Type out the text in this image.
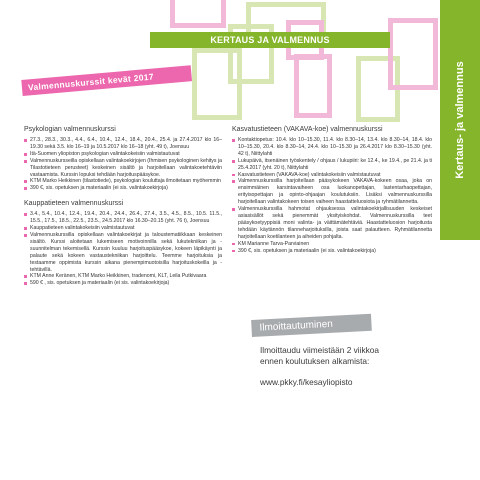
KERTAUS JA VALMENNUS
Valmennuskurssit kevät 2017	Kertaus- ja valmennus
Psykologian valmennuskurssi
27.3., 28.3., 30.3., 4.4., 6.4., 10.4., 12.4., 18.4., 20.4., 25.4. ja 27.4.2017 klo 16–19.30 sekä 3.5. klo 16–19 ja 10.5.2017 klo 16–18 (yht. 49 t), Joensuu
Itä-Suomen yliopiston psykologian valintakokeisiin valmistautuvat
Valmennuskursseilla opiskellaan valintakoekirjojen (Ihmisen psykologinen kehitys ja Tilastotieteen perusteet) keskeinen sisältö ja harjoitellaan valintakoetehtäviin vastaamista. Kurssin lopuksi tehdään harjoituspääsykoe.
KTM Marko Heikkinen (tilastotiede), psykologian kouluttaja ilmoitetaan myöhemmin
390 €, sis. opetuksen ja materiaalin (ei sis. valintakoekirjoja)
Kauppatieteen valmennuskurssi
3.4., 5.4., 10.4., 12.4., 19.4., 20.4., 24.4., 26.4., 27.4., 3.5., 4.5., 8.5., 10.5. 11.5., 15.5., 17.5., 18.5., 22.5., 23.5., 24.5.2017 klo 16.30–20.15 (yht. 76 t), Joensuu
Kauppatieteen valintakokeisiin valmistautuvat
Valmennuskurssilla opiskellaan valintakoekirjat ja taloustematiikkaan keskeinen sisältö. Kurssi aloitetaan lukemiseen motivoinnilla sekä lukutekniikan ja -suunnitelman tekemisellä. Kurssin kuuluu harjoituspääsykoe, kokeen läpikäynti ja palaute sekä kokeen vastaustekniikan harjoittelu. Teemme harjoituksia ja testaamme oppimista kurssin aikana pienempimuotoisilla harjoituskokeilla ja -tehtävillä.
KTM Anne Keränen, KTM Marko Heikkinen, tradenomi, KLT, Leila Putkivaara
590 € , sis. opetuksen ja materiaalin (ei sis. valintakoekirjoja)
Kasvatustieteen (VAKAVA-koe) valmennuskurssi
Kontaktiopetus: 10.4. klo 10–15.30, 11.4. klo 8.30–14, 13.4. klo 8.30–14, 18.4. klo 10–15.30, 20.4. klo 8.30–14, 24.4. klo 10–15.30 ja 26.4.2017 klo 8.30–15.30 (yht. 42 t), Niittylahti
Lukupäivä, itsenäinen työskentely / ohjaus / lukupiiri: ke 12.4., ke 19.4., pe 21.4. ja ti 25.4.2017 (yht. 20 t), Niittylahti
Kasvatustieteen (VAKAVA-koe) valintakokeisiin valmistautuvat
Valmennuskurssilla harjoitellaan pääsykokeen VAKAVA-kokeen osaa, joka on ensimmäinen karsintavaiheen osa luokanopettajan, lastentarhaopettajan, erityisopettajan ja opinto-ohjaajan koulutuksiin. Lisäksi valmennuskurssilla harjoitellaan valintakokeen toisen vaiheen haastatteluosiota ja ryhmätilannetta.
Valmennuskurssilla hahmotat ohjauksessa valintakoekirjallisuuden keskeiset asiasisällöt sekä pienemmät yksityiskohdat. Valmennuskurssilla teet pääsykoetyyppisiä moni valinta- ja väittämätehtäviä. Haastatteluosion harjoitusta tehdään käytännön tilanneharjoituksilla, joista saat palautteen. Ryhmätilannetta harjoitellaan koetilanteen ja aiheiden pohjalta.
KM Marianne Tarva-Parviainen
390 €, sis. opetuksen ja materiaalin (ei sis. valintakoekirjoja)
Ilmoittautuminen
Ilmoittaudu viimeistään 2 viikkoa
ennen koulutuksen alkamista:
www.pkky.fi/kesayliopisto
